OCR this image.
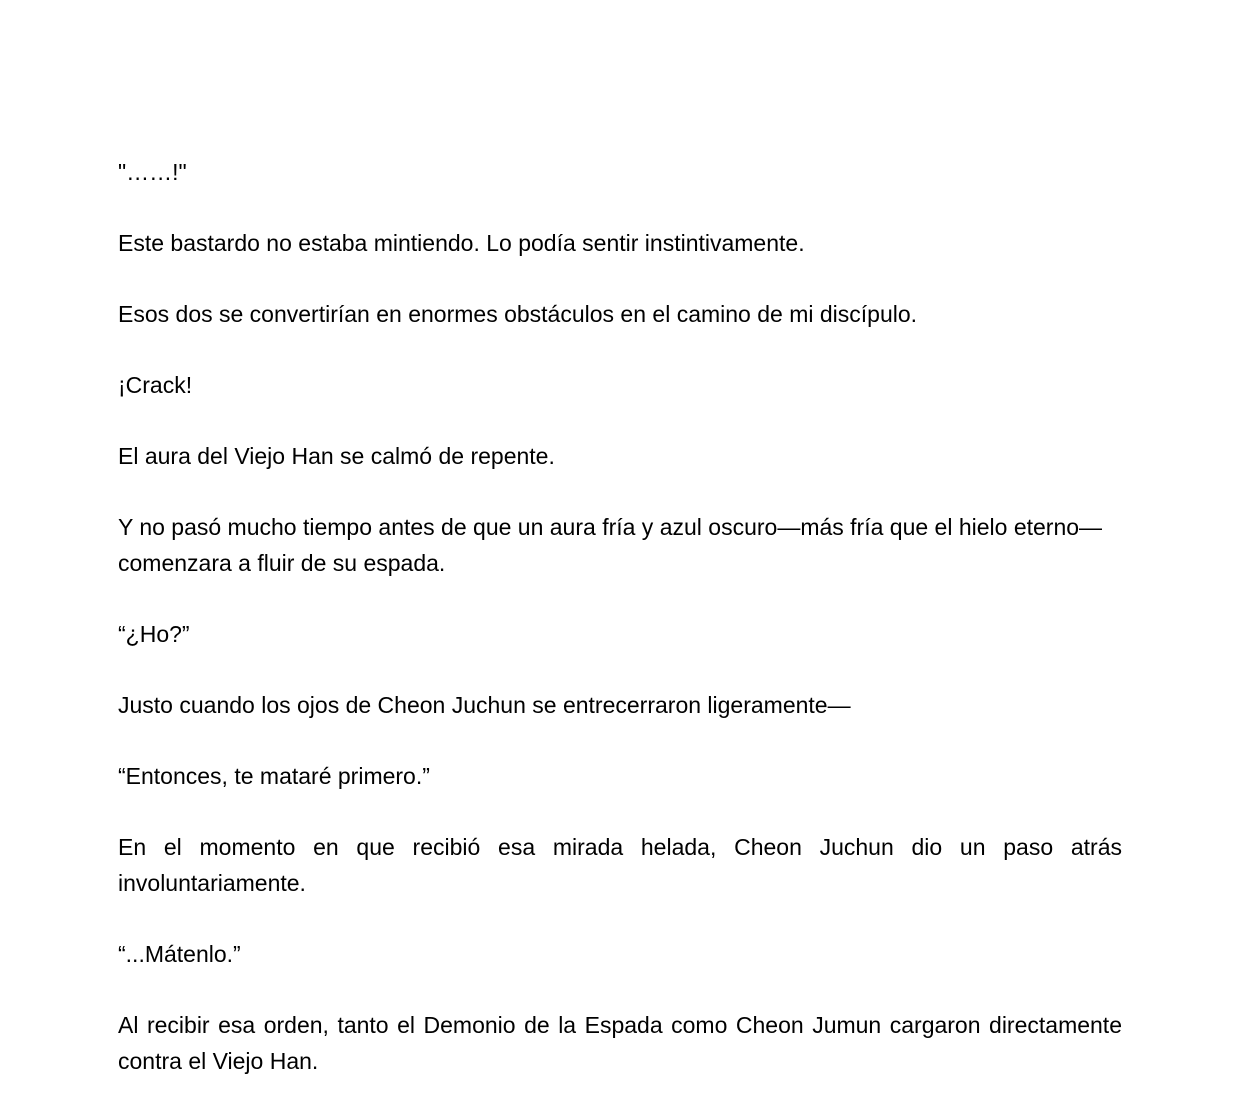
"……!"

Este bastardo no estaba mintiendo. Lo podía sentir instintivamente.

Esos dos se convertirían en enormes obstáculos en el camino de mi discípulo.

¡Crack!

El aura del Viejo Han se calmó de repente.

Y no pasó mucho tiempo antes de que un aura fría y azul oscuro—más fría que el hielo eterno—comenzara a fluir de su espada.

“¿Ho?”

Justo cuando los ojos de Cheon Juchun se entrecerraron ligeramente—

“Entonces, te mataré primero.”

En el momento en que recibió esa mirada helada, Cheon Juchun dio un paso atrás involuntariamente.

“...Mátenlo.”

Al recibir esa orden, tanto el Demonio de la Espada como Cheon Jumun cargaron directamente contra el Viejo Han.
